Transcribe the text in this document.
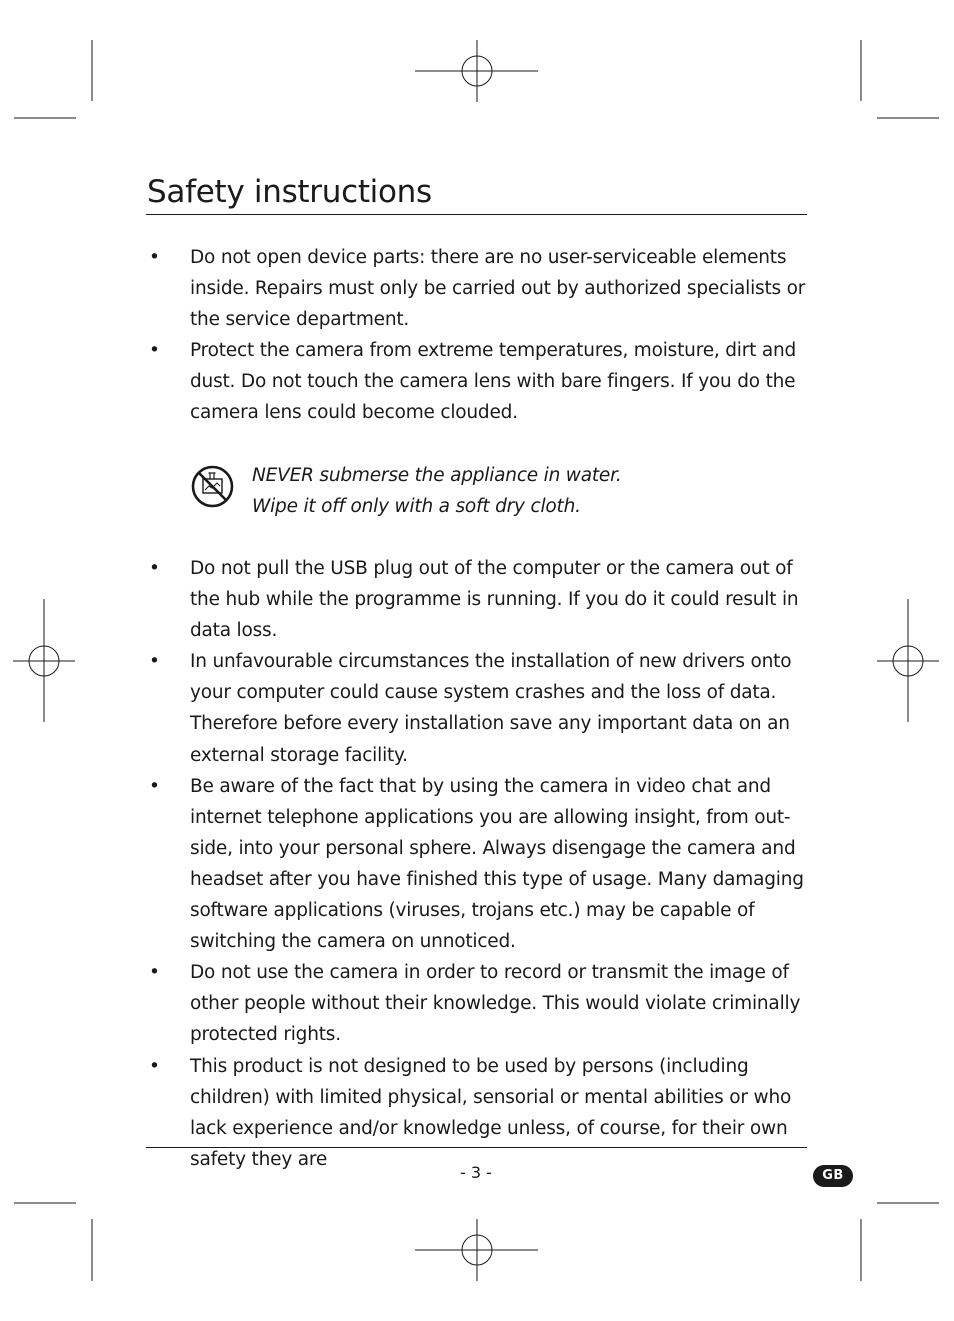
Safety instructions
• Do not open device parts: there are no user-serviceable elements inside. Repairs must only be carried out by authorized specialists or the service department.
• Protect the camera from extreme temperatures, moisture, dirt and dust. Do not touch the camera lens with bare fingers. If you do the camera lens could become clouded.
NEVER submerse the appliance in water.
Wipe it off only with a soft dry cloth.
• Do not pull the USB plug out of the computer or the camera out of the hub while the programme is running. If you do it could result in data loss.
• In unfavourable circumstances the installation of new drivers onto your computer could cause system crashes and the loss of data. Therefore before every installation save any important data on an external storage facility.
• Be aware of the fact that by using the camera in video chat and internet telephone applications you are allowing insight, from out-side, into your personal sphere. Always disengage the camera and headset after you have finished this type of usage. Many damaging software applications (viruses, trojans etc.) may be capable of switching the camera on unnoticed.
• Do not use the camera in order to record or transmit the image of other people without their knowledge. This would violate criminally protected rights.
• This product is not designed to be used by persons (including children) with limited physical, sensorial or mental abilities or who lack experience and/or knowledge unless, of course, for their own safety they are
- 3 -	GB
